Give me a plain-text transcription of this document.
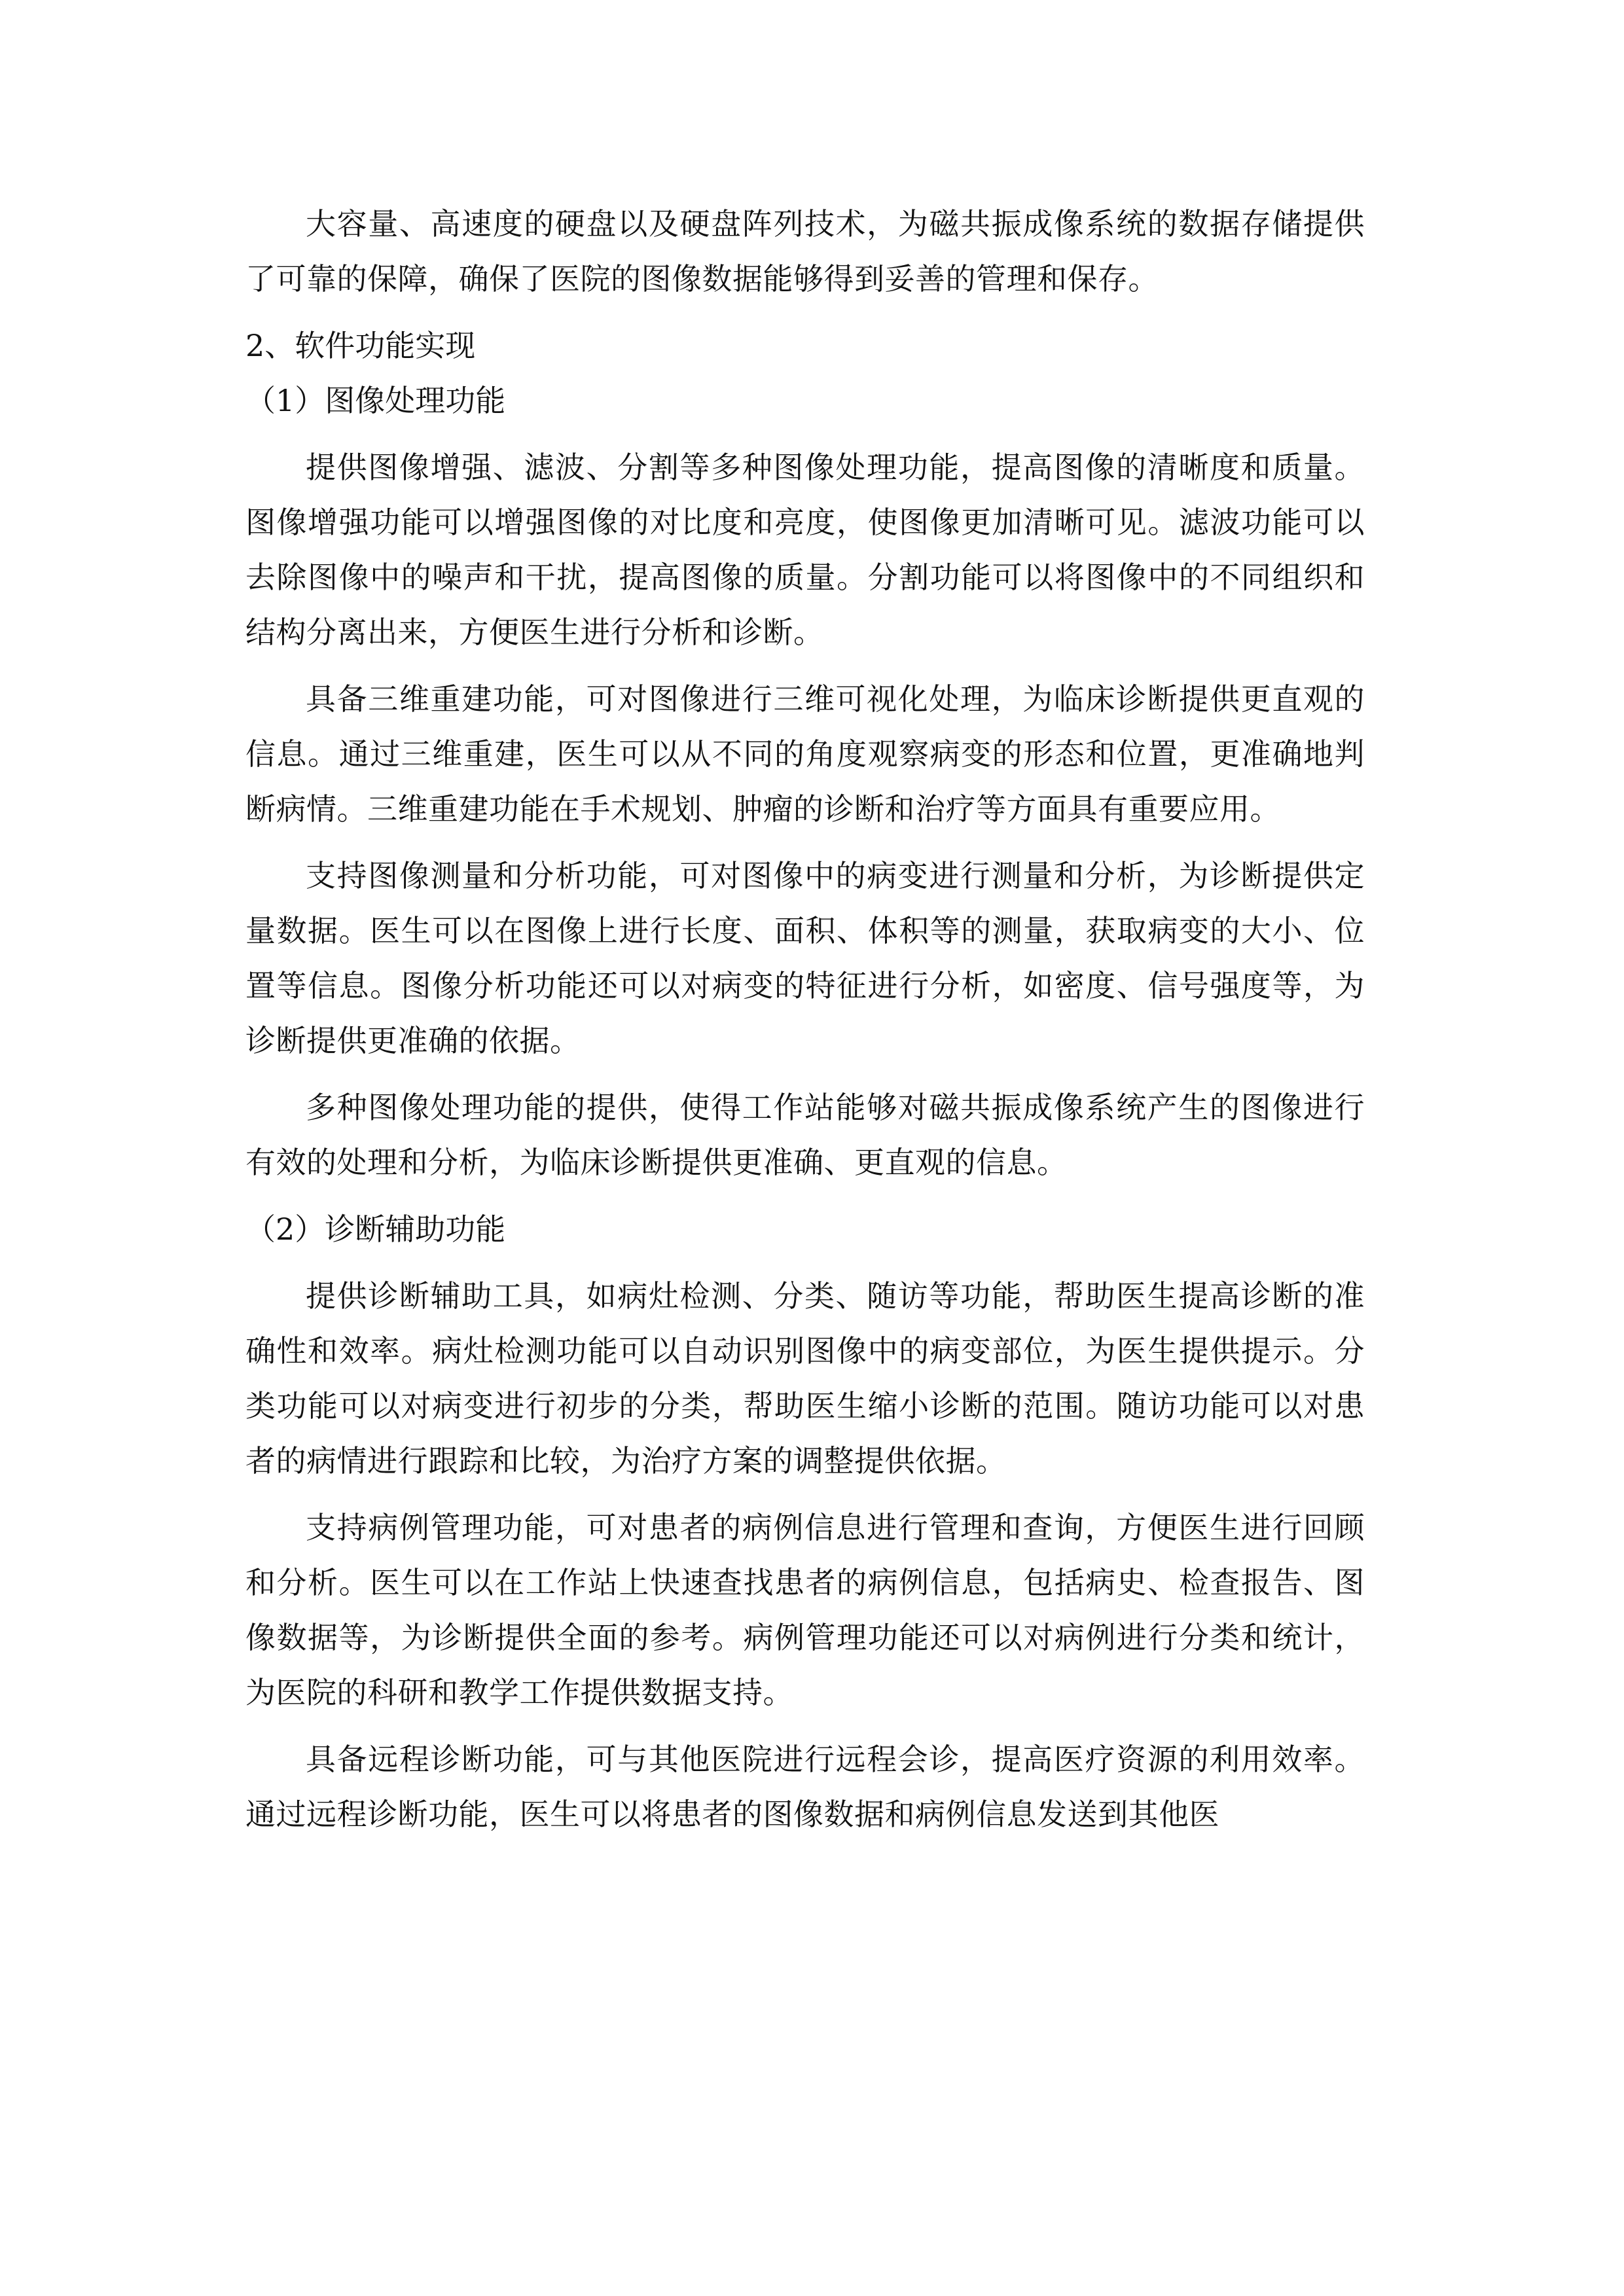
大容量、高速度的硬盘以及硬盘阵列技术，为磁共振成像系统的数据存储提供了可靠的保障，确保了医院的图像数据能够得到妥善的管理和保存。

2、软件功能实现

（1）图像处理功能

提供图像增强、滤波、分割等多种图像处理功能，提高图像的清晰度和质量。图像增强功能可以增强图像的对比度和亮度，使图像更加清晰可见。滤波功能可以去除图像中的噪声和干扰，提高图像的质量。分割功能可以将图像中的不同组织和结构分离出来，方便医生进行分析和诊断。

具备三维重建功能，可对图像进行三维可视化处理，为临床诊断提供更直观的信息。通过三维重建，医生可以从不同的角度观察病变的形态和位置，更准确地判断病情。三维重建功能在手术规划、肿瘤的诊断和治疗等方面具有重要应用。

支持图像测量和分析功能，可对图像中的病变进行测量和分析，为诊断提供定量数据。医生可以在图像上进行长度、面积、体积等的测量，获取病变的大小、位置等信息。图像分析功能还可以对病变的特征进行分析，如密度、信号强度等，为诊断提供更准确的依据。

多种图像处理功能的提供，使得工作站能够对磁共振成像系统产生的图像进行有效的处理和分析，为临床诊断提供更准确、更直观的信息。

（2）诊断辅助功能

提供诊断辅助工具，如病灶检测、分类、随访等功能，帮助医生提高诊断的准确性和效率。病灶检测功能可以自动识别图像中的病变部位，为医生提供提示。分类功能可以对病变进行初步的分类，帮助医生缩小诊断的范围。随访功能可以对患者的病情进行跟踪和比较，为治疗方案的调整提供依据。

支持病例管理功能，可对患者的病例信息进行管理和查询，方便医生进行回顾和分析。医生可以在工作站上快速查找患者的病例信息，包括病史、检查报告、图像数据等，为诊断提供全面的参考。病例管理功能还可以对病例进行分类和统计，为医院的科研和教学工作提供数据支持。

具备远程诊断功能，可与其他医院进行远程会诊，提高医疗资源的利用效率。通过远程诊断功能，医生可以将患者的图像数据和病例信息发送到其他医
